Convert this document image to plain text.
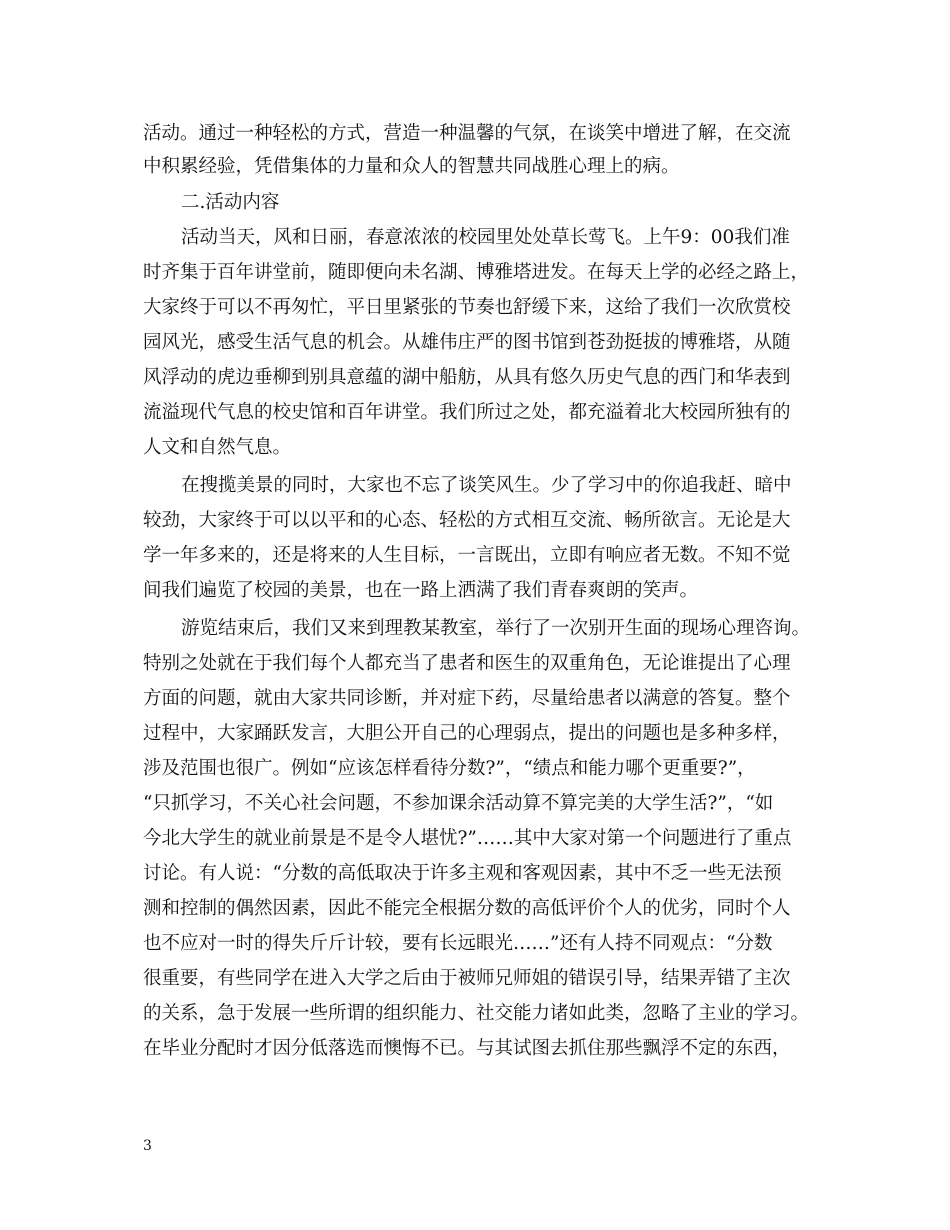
活动。通过一种轻松的方式，营造一种温馨的气氛，在谈笑中增进了解，在交流
中积累经验，凭借集体的力量和众人的智慧共同战胜心理上的病。
二.活动内容
活动当天，风和日丽，春意浓浓的校园里处处草长莺飞。上午9：00我们准
时齐集于百年讲堂前，随即便向未名湖、博雅塔进发。在每天上学的必经之路上，
大家终于可以不再匆忙，平日里紧张的节奏也舒缓下来，这给了我们一次欣赏校
园风光，感受生活气息的机会。从雄伟庄严的图书馆到苍劲挺拔的博雅塔，从随
风浮动的虎边垂柳到别具意蕴的湖中船舫，从具有悠久历史气息的西门和华表到
流溢现代气息的校史馆和百年讲堂。我们所过之处，都充溢着北大校园所独有的
人文和自然气息。
在搜揽美景的同时，大家也不忘了谈笑风生。少了学习中的你追我赶、暗中
较劲，大家终于可以以平和的心态、轻松的方式相互交流、畅所欲言。无论是大
学一年多来的，还是将来的人生目标，一言既出，立即有响应者无数。不知不觉
间我们遍览了校园的美景，也在一路上洒满了我们青春爽朗的笑声。
游览结束后，我们又来到理教某教室，举行了一次别开生面的现场心理咨询。
特别之处就在于我们每个人都充当了患者和医生的双重角色，无论谁提出了心理
方面的问题，就由大家共同诊断，并对症下药，尽量给患者以满意的答复。整个
过程中，大家踊跃发言，大胆公开自己的心理弱点，提出的问题也是多种多样，
涉及范围也很广。例如“应该怎样看待分数?”，“绩点和能力哪个更重要?”，
“只抓学习，不关心社会问题，不参加课余活动算不算完美的大学生活?”，“如
今北大学生的就业前景是不是令人堪忧?”……其中大家对第一个问题进行了重点
讨论。有人说：“分数的高低取决于许多主观和客观因素，其中不乏一些无法预
测和控制的偶然因素，因此不能完全根据分数的高低评价个人的优劣，同时个人
也不应对一时的得失斤斤计较，要有长远眼光……”还有人持不同观点：“分数
很重要，有些同学在进入大学之后由于被师兄师姐的错误引导，结果弄错了主次
的关系，急于发展一些所谓的组织能力、社交能力诸如此类，忽略了主业的学习。
在毕业分配时才因分低落选而懊悔不已。与其试图去抓住那些飘浮不定的东西，
3
